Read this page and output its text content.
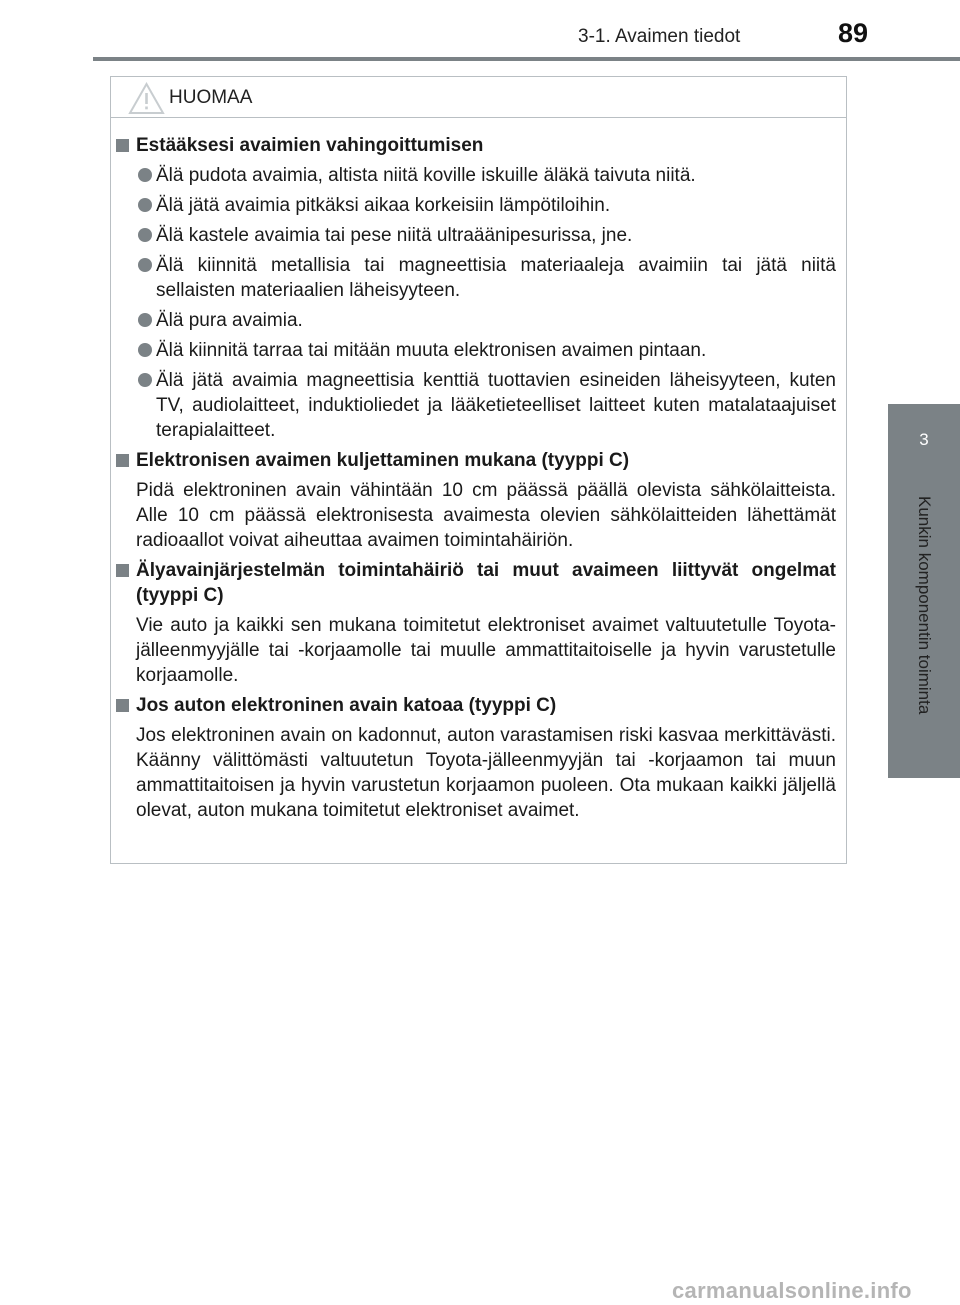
3-1. Avaimen tiedot	89
3
Kunkin komponentin toiminta
HUOMAA
Estääksesi avaimien vahingoittumisen
Älä pudota avaimia, altista niitä koville iskuille äläkä taivuta niitä.
Älä jätä avaimia pitkäksi aikaa korkeisiin lämpötiloihin.
Älä kastele avaimia tai pese niitä ultraäänipesurissa, jne.
Älä kiinnitä metallisia tai magneettisia materiaaleja avaimiin tai jätä niitä sellaisten materiaalien läheisyyteen.
Älä pura avaimia.
Älä kiinnitä tarraa tai mitään muuta elektronisen avaimen pintaan.
Älä jätä avaimia magneettisia kenttiä tuottavien esineiden läheisyyteen, kuten TV, audiolaitteet, induktioliedet ja lääketieteelliset laitteet kuten matalataajuiset terapialaitteet.
Elektronisen avaimen kuljettaminen mukana (tyyppi C)
Pidä elektroninen avain vähintään 10 cm päässä päällä olevista sähkölaitteista. Alle 10 cm päässä elektronisesta avaimesta olevien sähkölaitteiden lähettämät radioaallot voivat aiheuttaa avaimen toimintahäiriön.
Älyavainjärjestelmän toimintahäiriö tai muut avaimeen liittyvät ongelmat (tyyppi C)
Vie auto ja kaikki sen mukana toimitetut elektroniset avaimet valtuutetulle Toyota-jälleenmyyjälle tai -korjaamolle tai muulle ammattitaitoiselle ja hyvin varustetulle korjaamolle.
Jos auton elektroninen avain katoaa (tyyppi C)
Jos elektroninen avain on kadonnut, auton varastamisen riski kasvaa merkittävästi. Käänny välittömästi valtuutetun Toyota-jälleenmyyjän tai -korjaamon tai muun ammattitaitoisen ja hyvin varustetun korjaamon puoleen. Ota mukaan kaikki jäljellä olevat, auton mukana toimitetut elektroniset avaimet.
carmanualsonline.info
